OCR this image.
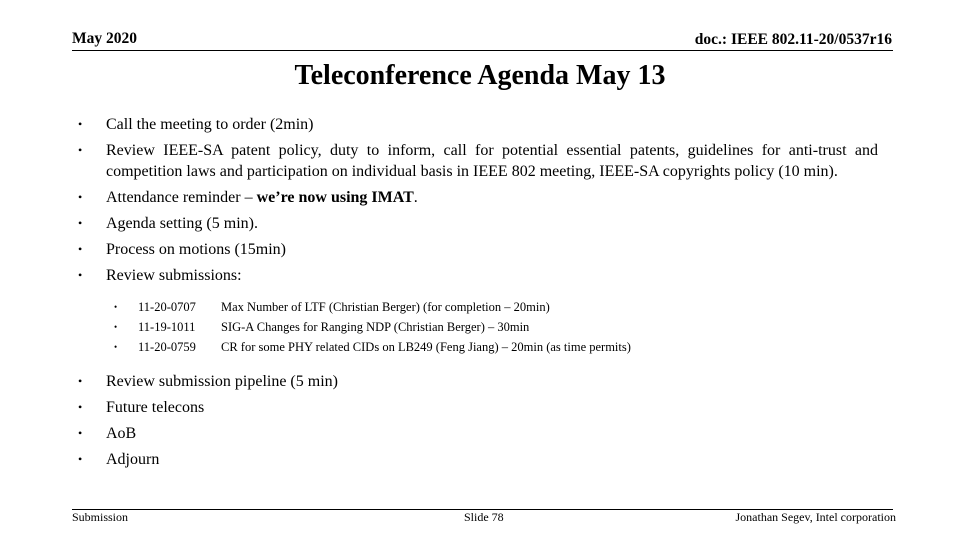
May 2020	doc.: IEEE 802.11-20/0537r16
Teleconference Agenda May 13
• Call the meeting to order (2min)
• Review IEEE-SA patent policy, duty to inform, call for potential essential patents, guidelines for anti-trust and competition laws and participation on individual basis in IEEE 802 meeting, IEEE-SA copyrights policy (10 min).
• Attendance reminder – we’re now using IMAT.
• Agenda setting (5 min).
• Process on motions (15min)
• Review submissions:
• 11-20-0707 Max Number of LTF (Christian Berger) (for completion – 20min)
• 11-19-1011 SIG-A Changes for Ranging NDP (Christian Berger) – 30min
• 11-20-0759 CR for some PHY related CIDs on LB249 (Feng Jiang) – 20min (as time permits)
• Review submission pipeline (5 min)
• Future telecons
• AoB
• Adjourn
Submission	Slide 78	Jonathan Segev, Intel corporation
